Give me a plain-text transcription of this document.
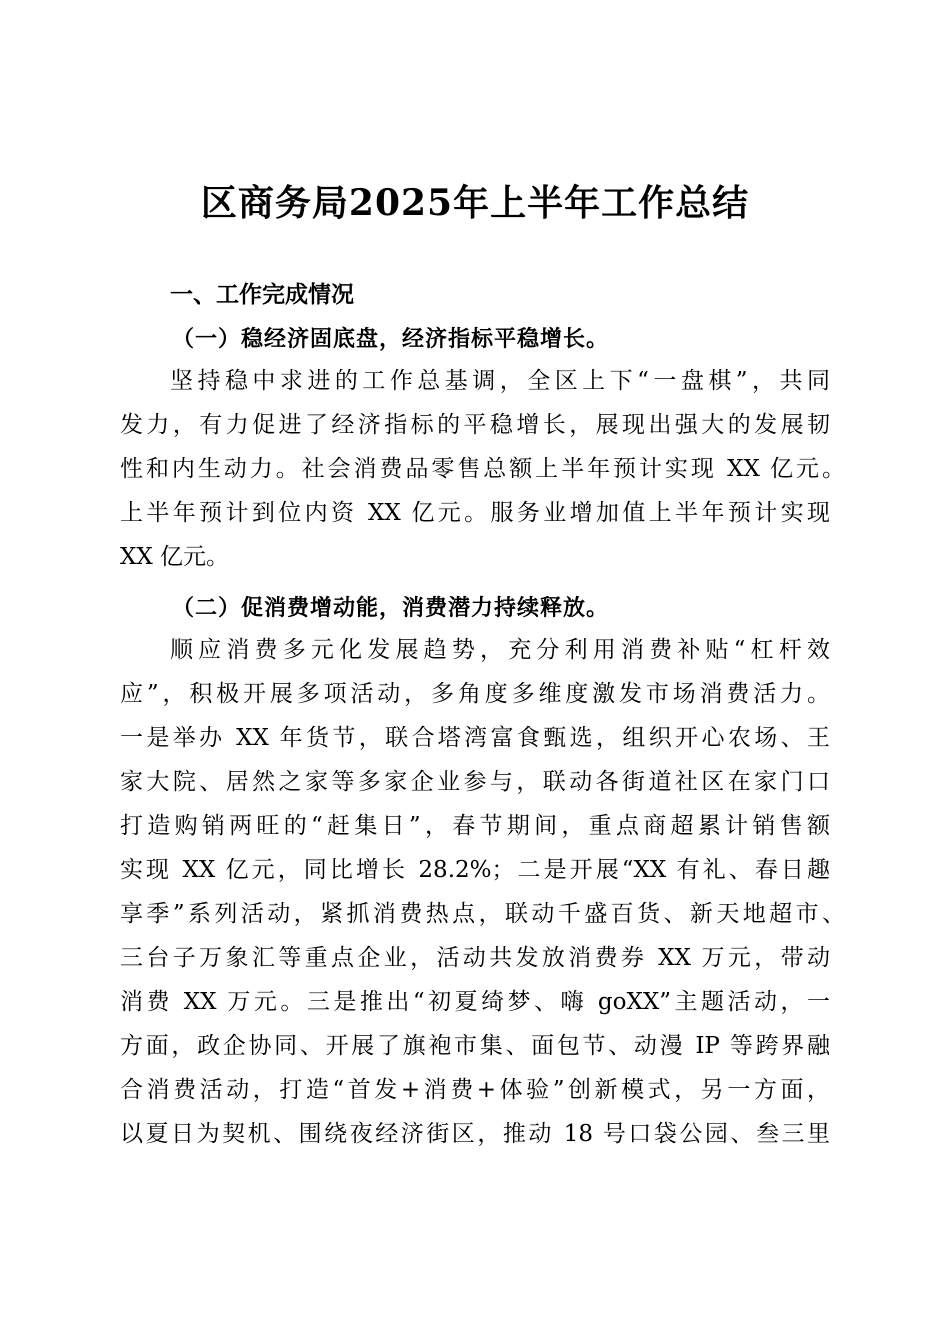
区商务局2025年上半年工作总结
一、工作完成情况
（一）稳经济固底盘，经济指标平稳增长。
坚持稳中求进的工作总基调，全区上下“一盘棋”，共同
发力，有力促进了经济指标的平稳增长，展现出强大的发展韧
性和内生动力。社会消费品零售总额上半年预计实现 XX 亿元。
上半年预计到位内资 XX 亿元。服务业增加值上半年预计实现
XX 亿元。
（二）促消费增动能，消费潜力持续释放。
顺应消费多元化发展趋势，充分利用消费补贴“杠杆效
应”，积极开展多项活动，多角度多维度激发市场消费活力。
一是举办 XX 年货节，联合塔湾富食甄选，组织开心农场、王
家大院、居然之家等多家企业参与，联动各街道社区在家门口
打造购销两旺的“赶集日”，春节期间，重点商超累计销售额
实现 XX 亿元，同比增长 28.2%；二是开展“XX 有礼、春日趣
享季”系列活动，紧抓消费热点，联动千盛百货、新天地超市、
三台子万象汇等重点企业，活动共发放消费券 XX 万元，带动
消费 XX 万元。三是推出“初夏绮梦、嗨 goXX”主题活动，一
方面，政企协同、开展了旗袍市集、面包节、动漫 IP 等跨界融
合消费活动，打造“首发+消费+体验”创新模式，另一方面，
以夏日为契机、围绕夜经济街区，推动 18 号口袋公园、叁三里
